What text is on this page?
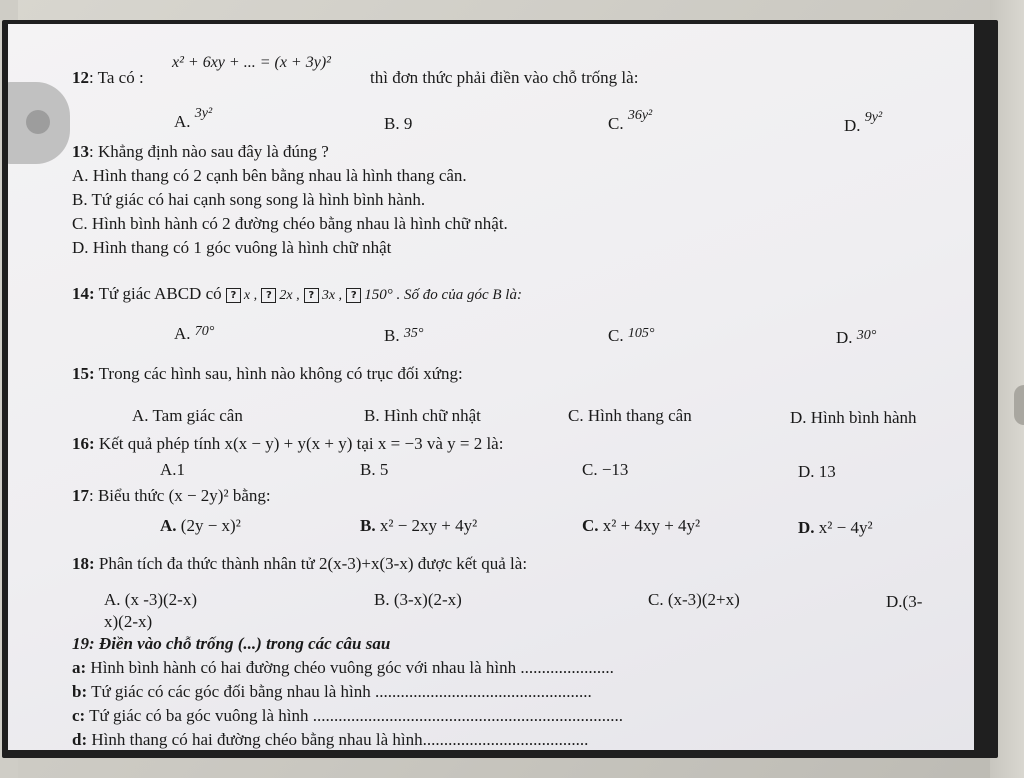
12: Ta có :
x² + 6xy + ... = (x + 3y)²
thì đơn thức phải điền vào chỗ trống là:
A. $^{3y^2}$
B. 9	C. $^{36y^2}$
D. $^{9y^2}$
13: Khẳng định nào sau đây là đúng ?
A. Hình thang có 2 cạnh bên bằng nhau là hình thang cân.
B. Tứ giác có hai cạnh song song là hình bình hành.
C. Hình bình hành có 2 đường chéo bằng nhau là hình chữ nhật.
D. Hình thang có 1 góc vuông là hình chữ nhật
14: Tứ giác ABCD có ? x , ? 2x , ? 3x , ? 150° . Số đo của góc B là:
A. $^{70^\circ}$	B. $^{35^\circ}$	C. $^{105^\circ}$	D. $^{30^\circ}$
15: Trong các hình sau, hình nào không có trục đối xứng:
A. Tam giác cân	B. Hình chữ nhật	C. Hình thang cân	D. Hình bình hành
16: Kết quả phép tính x(x − y) + y(x + y) tại x = −3 và y = 2 là:
A.1	B. 5	C. −13	D. 13
17: Biểu thức (x − 2y)² bằng:
A. (2y − x)²	B. x² − 2xy + 4y²	C. x² + 4xy + 4y²	D. x² − 4y²
18: Phân tích đa thức thành nhân tử 2(x-3)+x(3-x) được kết quả là:
A. (x -3)(2-x)	B. (3-x)(2-x)	C. (x-3)(2+x)	D.(3-
x)(2-x)
19: Điền vào chỗ trống (...) trong các câu sau
a: Hình bình hành có hai đường chéo vuông góc với nhau là hình ......................
b: Tứ giác có các góc đối bằng nhau là hình ...................................................
c: Tứ giác có ba góc vuông là hình .........................................................................
d: Hình thang có hai đường chéo bằng nhau là hình.......................................
